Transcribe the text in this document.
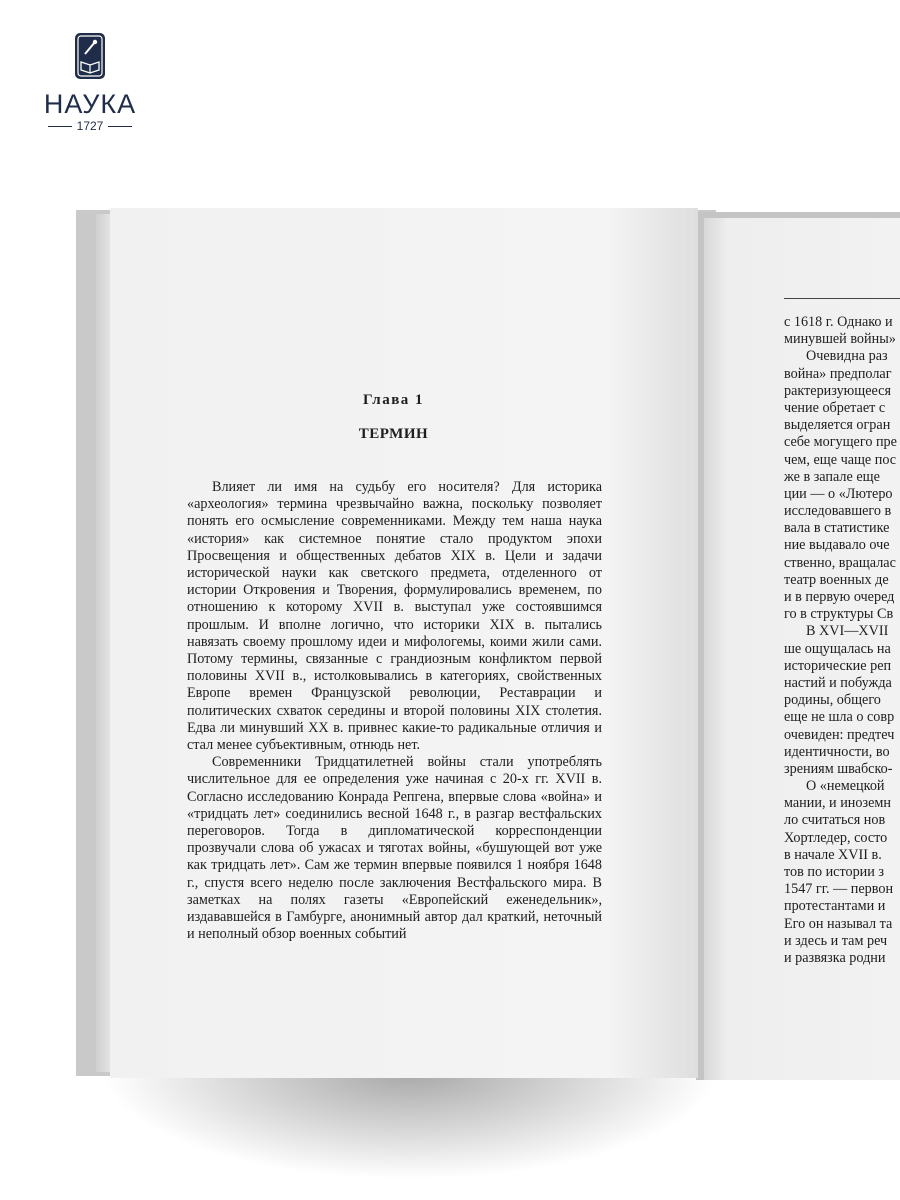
НАУКА
1727
Глава 1
ТЕРМИН

Влияет ли имя на судьбу его носителя? Для историка «археология» термина чрезвычайно важна, поскольку позволяет понять его осмысление современниками. Между тем наша наука «история» как системное понятие стало продуктом эпохи Просвещения и общественных дебатов XIX в. Цели и задачи исторической науки как светского предмета, отделенного от истории Откровения и Творения, формулировались временем, по отношению к которому XVII в. выступал уже состоявшимся прошлым. И вполне логично, что историки XIX в. пытались навязать своему прошлому идеи и мифологемы, коими жили сами. Потому термины, связанные с грандиозным конфликтом первой половины XVII в., истолковывались в категориях, свойственных Европе времен Французской революции, Реставрации и политических схваток середины и второй половины XIX столетия. Едва ли минувший XX в. привнес какие-то радикальные отличия и стал менее субъективным, отнюдь нет.

Современники Тридцатилетней войны стали употреблять числительное для ее определения уже начиная с 20-х гг. XVII в. Согласно исследованию Конрада Репгена, впервые слова «война» и «тридцать лет» соединились весной 1648 г., в разгар вестфальских переговоров. Тогда в дипломатической корреспонденции прозвучали слова об ужасах и тяготах войны, «бушующей вот уже как тридцать лет». Сам же термин впервые появился 1 ноября 1648 г., спустя всего неделю после заключения Вестфальского мира. В заметках на полях газеты «Европейский еженедельник», издававшейся в Гамбурге, анонимный автор дал краткий, неточный и неполный обзор военных событий

с 1618 г. Однако и
минувшей войны»
Очевидна раз
война» предполаг
рактеризующееся
чение обретает с
выделяется огран
себе могущего пре
чем, еще чаще пос
же в запале еще
ции — о «Лютеро
исследовавшего в
вала в статистике
ние выдавало оче
ственно, вращалас
театр военных де
и в первую очеред
го в структуры Св
В XVI—XVII
ше ощущалась на
исторические реп
настий и побужда
родины, общего
еще не шла о совр
очевиден: предтеч
идентичности, во
зрениям швабско-
О «немецкой
мании, и иноземн
ло считаться нов
Хортледер, состо
в начале XVII в.
тов по истории з
1547 гг. — первон
протестантами и
Его он называл та
и здесь и там реч
и развязка родни
